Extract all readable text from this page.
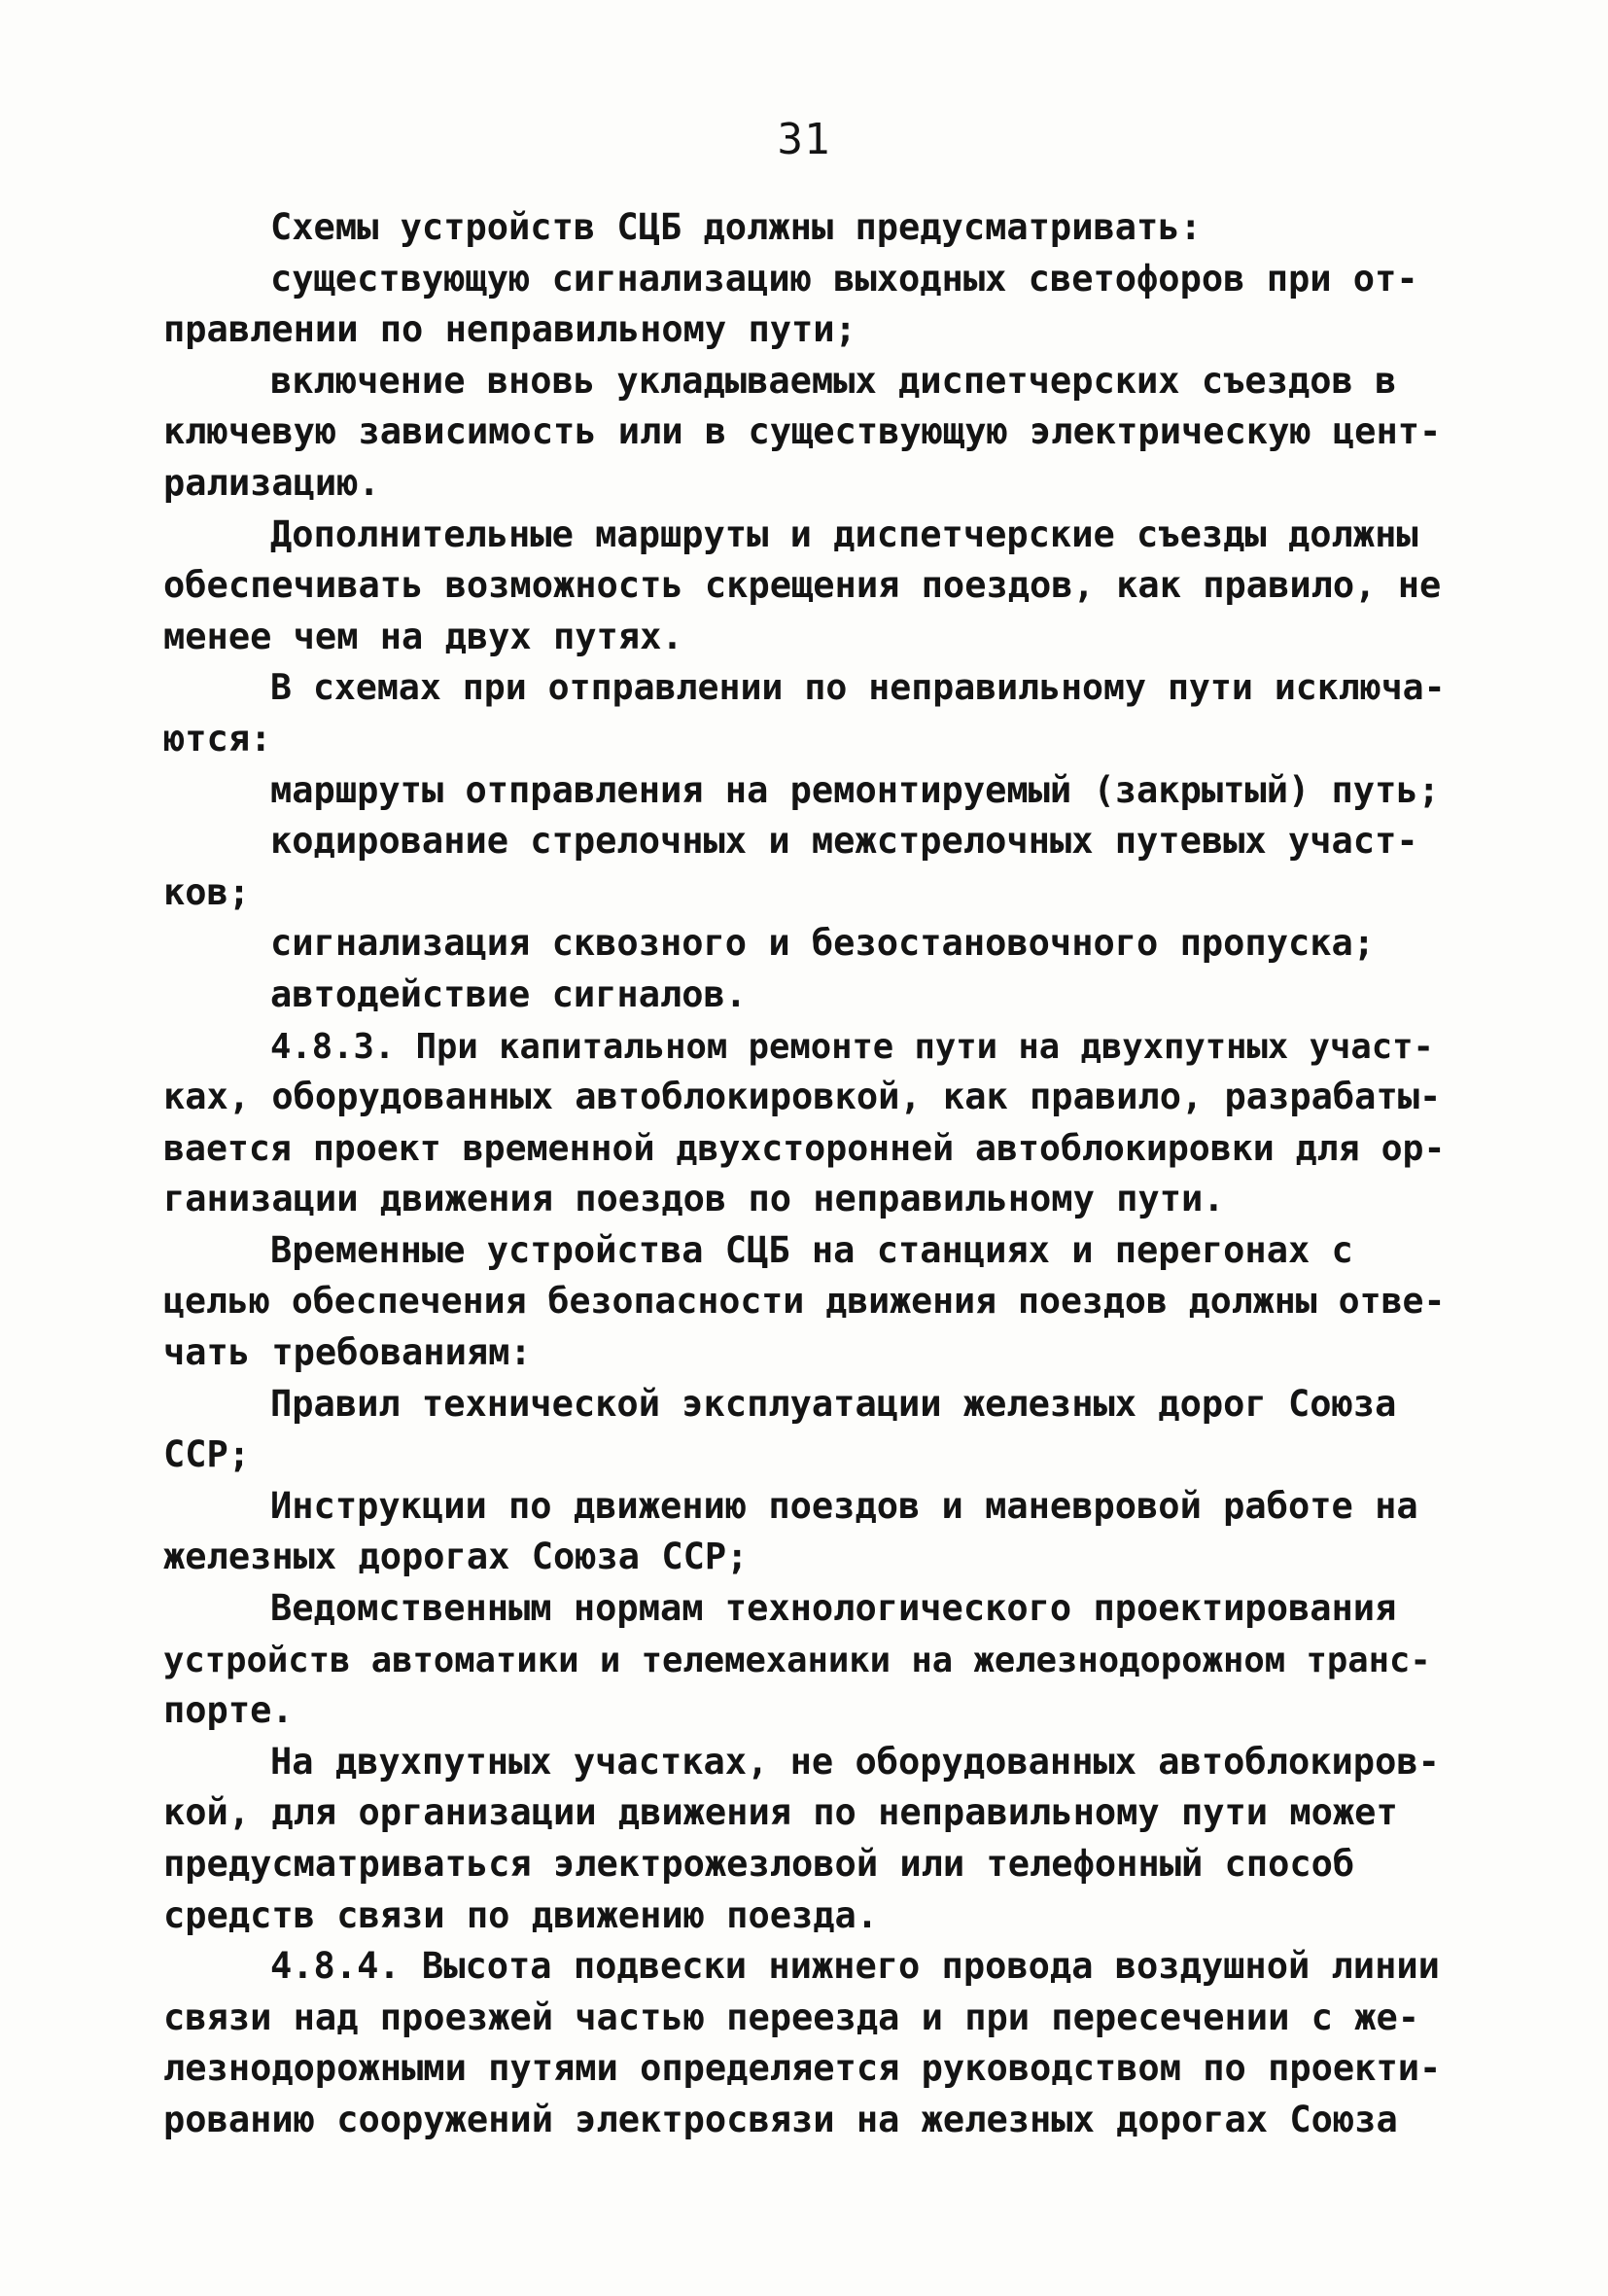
31
Схемы устройств СЦБ должны предусматривать:
существующую сигнализацию выходных светофоров при от-
правлении по неправильному пути;
включение вновь укладываемых диспетчерских съездов в
ключевую зависимость или в существующую электрическую цент-
рализацию.
Дополнительные маршруты и диспетчерские съезды должны
обеспечивать возможность скрещения поездов, как правило, не
менее чем на двух путях.
В схемах при отправлении по неправильному пути исключа-
ются:
маршруты отправления на ремонтируемый (закрытый) путь;
кодирование стрелочных и межстрелочных путевых участ-
ков;
сигнализация сквозного и безостановочного пропуска;
автодействие сигналов.
4.8.3. При капитальном ремонте пути на двухпутных участ-
ках, оборудованных автоблокировкой, как правило, разрабаты-
вается проект временной двухсторонней автоблокировки для ор-
ганизации движения поездов по неправильному пути.
Временные устройства СЦБ на станциях и перегонах с
целью обеспечения безопасности движения поездов должны отве-
чать требованиям:
Правил технической эксплуатации железных дорог Союза
ССР;
Инструкции по движению поездов и маневровой работе на
железных дорогах Союза ССР;
Ведомственным нормам технологического проектирования
устройств автоматики и телемеханики на железнодорожном транс-
порте.
На двухпутных участках, не оборудованных автоблокиров-
кой, для организации движения по неправильному пути может
предусматриваться электрожезловой или телефонный способ
средств связи по движению поезда.
4.8.4. Высота подвески нижнего провода воздушной линии
связи над проезжей частью переезда и при пересечении с же-
лезнодорожными путями определяется руководством по проекти-
рованию сооружений электросвязи на железных дорогах Союза
